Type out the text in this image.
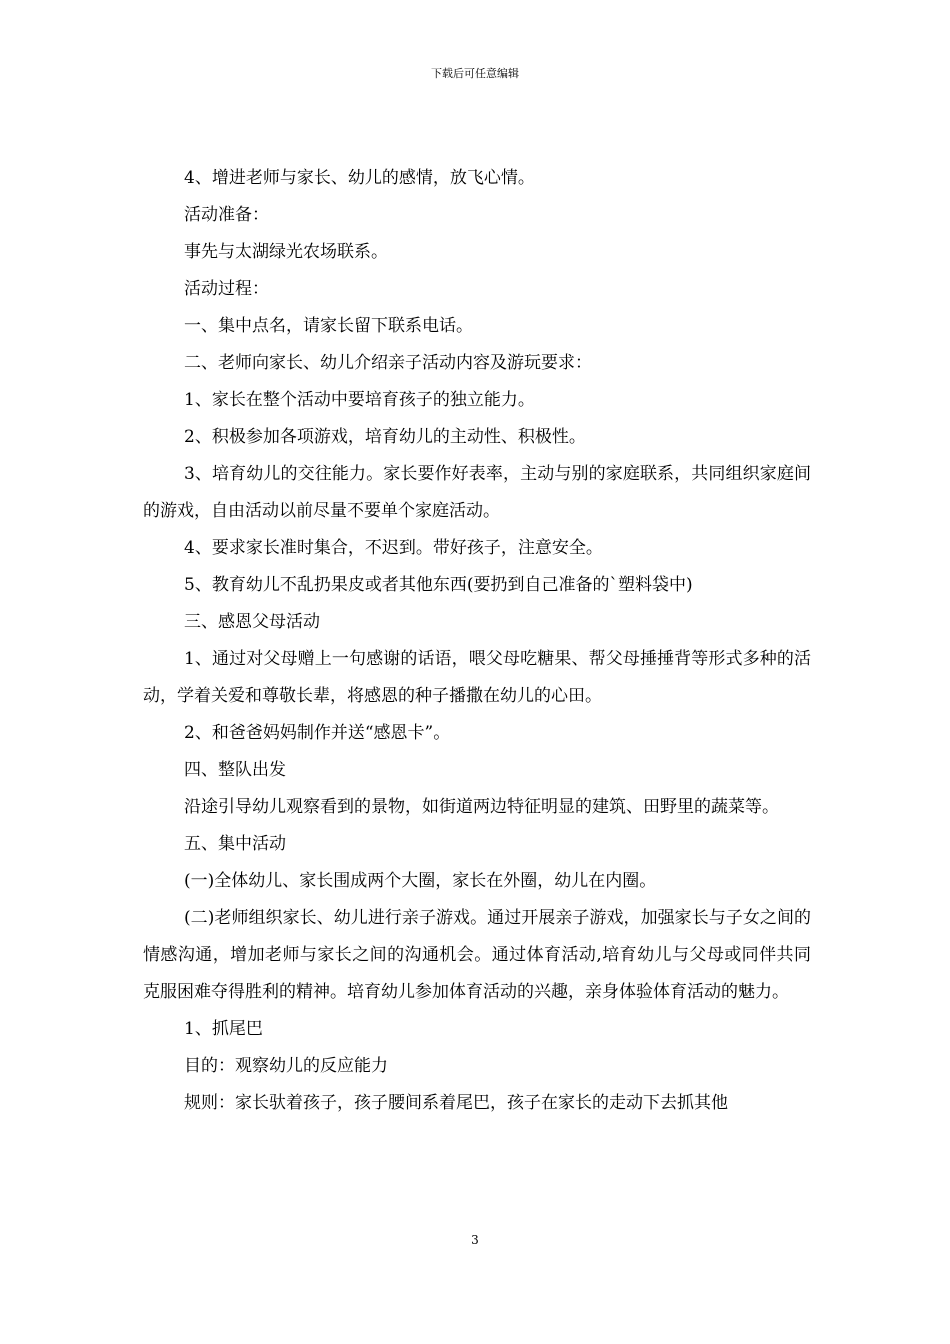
下载后可任意编辑

4、增进老师与家长、幼儿的感情，放飞心情。

活动准备：

事先与太湖绿光农场联系。

活动过程：

一、集中点名，请家长留下联系电话。

二、老师向家长、幼儿介绍亲子活动内容及游玩要求：

1、家长在整个活动中要培育孩子的独立能力。

2、积极参加各项游戏，培育幼儿的主动性、积极性。

3、培育幼儿的交往能力。家长要作好表率，主动与别的家庭联系，共同组织家庭间的游戏，自由活动以前尽量不要单个家庭活动。

4、要求家长准时集合，不迟到。带好孩子，注意安全。

5、教育幼儿不乱扔果皮或者其他东西(要扔到自己准备的`塑料袋中)

三、感恩父母活动

1、通过对父母赠上一句感谢的话语，喂父母吃糖果、帮父母捶捶背等形式多种的活动，学着关爱和尊敬长辈，将感恩的种子播撒在幼儿的心田。

2、和爸爸妈妈制作并送“感恩卡”。

四、整队出发

沿途引导幼儿观察看到的景物，如街道两边特征明显的建筑、田野里的蔬菜等。

五、集中活动

(一)全体幼儿、家长围成两个大圈，家长在外圈，幼儿在内圈。

(二)老师组织家长、幼儿进行亲子游戏。通过开展亲子游戏，加强家长与子女之间的情感沟通，增加老师与家长之间的沟通机会。通过体育活动,培育幼儿与父母或同伴共同克服困难夺得胜利的精神。培育幼儿参加体育活动的兴趣，亲身体验体育活动的魅力。

1、抓尾巴

目的：观察幼儿的反应能力

规则：家长驮着孩子，孩子腰间系着尾巴，孩子在家长的走动下去抓其他

3
